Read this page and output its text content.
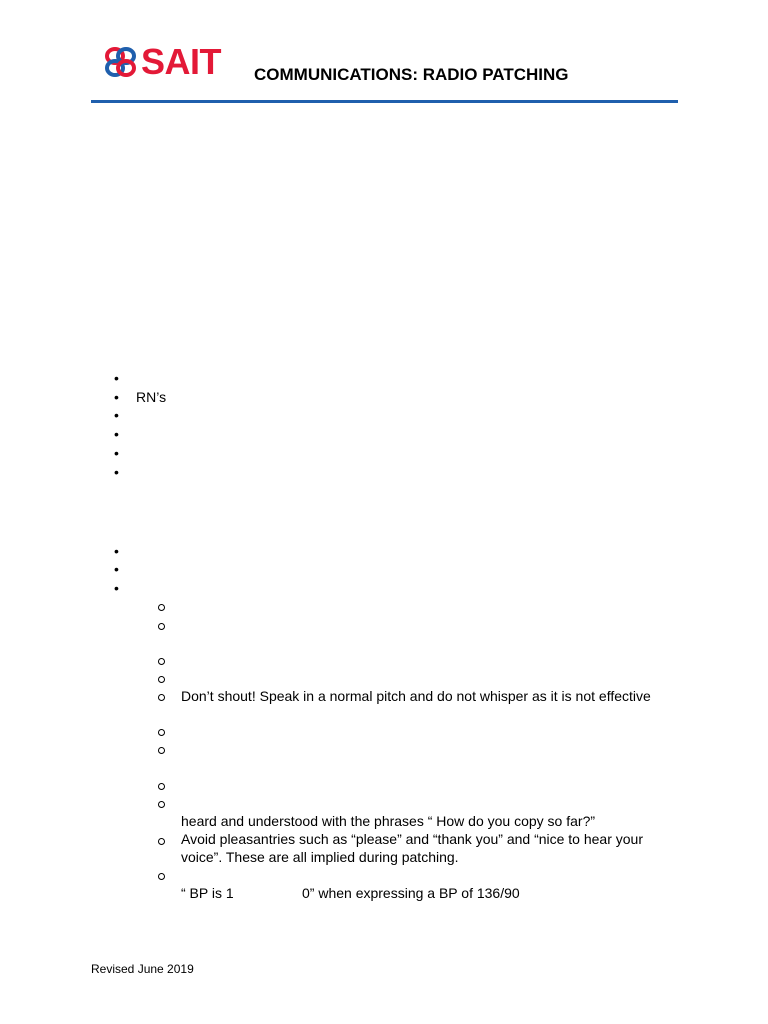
SAIT COMMUNICATIONS: RADIO PATCHING
•
• RN’s
•
•
•
•
•
•
•
Don’t shout! Speak in a normal pitch and do not whisper as it is not effective
heard and understood with the phrases “ How do you copy so far?”
Avoid pleasantries such as “please” and “thank you” and “nice to hear your
voice”. These are all implied during patching.
“ BP is 1	0” when expressing a BP of 136/90
Revised June 2019
